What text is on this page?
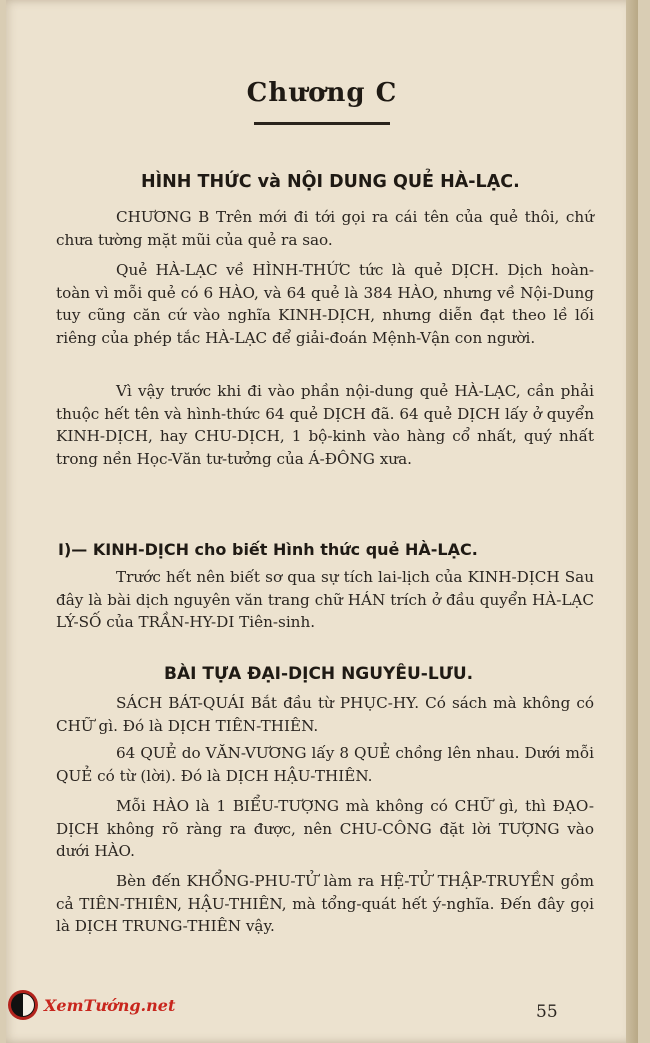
Chương C
HÌNH THỨC và NỘI DUNG QUẺ HÀ-LẠC.

CHƯƠNG B Trên mới đi tới gọi ra cái tên của quẻ thôi, chứ chưa tường mặt mũi của quẻ ra sao.

Quẻ HÀ-LẠC về HÌNH-THỨC tức là quẻ DỊCH. Dịch hoàn-toàn vì mỗi quẻ có 6 HÀO, và 64 quẻ là 384 HÀO, nhưng về Nội-Dung tuy cũng căn cứ vào nghĩa KINH-DỊCH, nhưng diễn đạt theo lề lối riêng của phép tắc HÀ-LẠC để giải-đoán Mệnh-Vận con người.

Vì vậy trước khi đi vào phần nội-dung quẻ HÀ-LẠC, cần phải thuộc hết tên và hình-thức 64 quẻ DỊCH đã. 64 quẻ DỊCH lấy ở quyển KINH-DỊCH, hay CHU-DỊCH, 1 bộ-kinh vào hàng cổ nhất, quý nhất trong nền Học-Văn tư-tưởng của Á-ĐÔNG xưa.

I)— KINH-DỊCH cho biết Hình thức quẻ HÀ-LẠC.

Trước hết nên biết sơ qua sự tích lai-lịch của KINH-DỊCH Sau đây là bài dịch nguyên văn trang chữ HÁN trích ở đầu quyển HÀ-LẠC LÝ-SỐ của TRẦN-HY-DI Tiên-sinh.

BÀI TỰA ĐẠI-DỊCH NGUYÊU-LƯU.

SÁCH BÁT-QUÁI Bắt đầu từ PHỤC-HY. Có sách mà không có CHỮ gì. Đó là DỊCH TIÊN-THIÊN.

64 QUẺ do VĂN-VƯƠNG lấy 8 QUẺ chồng lên nhau. Dưới mỗi QUẺ có từ (lời). Đó là DỊCH HẬU-THIÊN.

Mỗi HÀO là 1 BIỂU-TƯỢNG mà không có CHỮ gì, thì ĐẠO-DỊCH không rõ ràng ra được, nên CHU-CÔNG đặt lời TƯỢNG vào dưới HÀO.

Bèn đến KHỔNG-PHU-TỬ làm ra HỆ-TỬ THẬP-TRUYỀN gồm cả TIÊN-THIÊN, HẬU-THIÊN, mà tổng-quát hết ý-nghĩa. Đến đây gọi là DỊCH TRUNG-THIÊN vậy.

55
XemTướng.net
